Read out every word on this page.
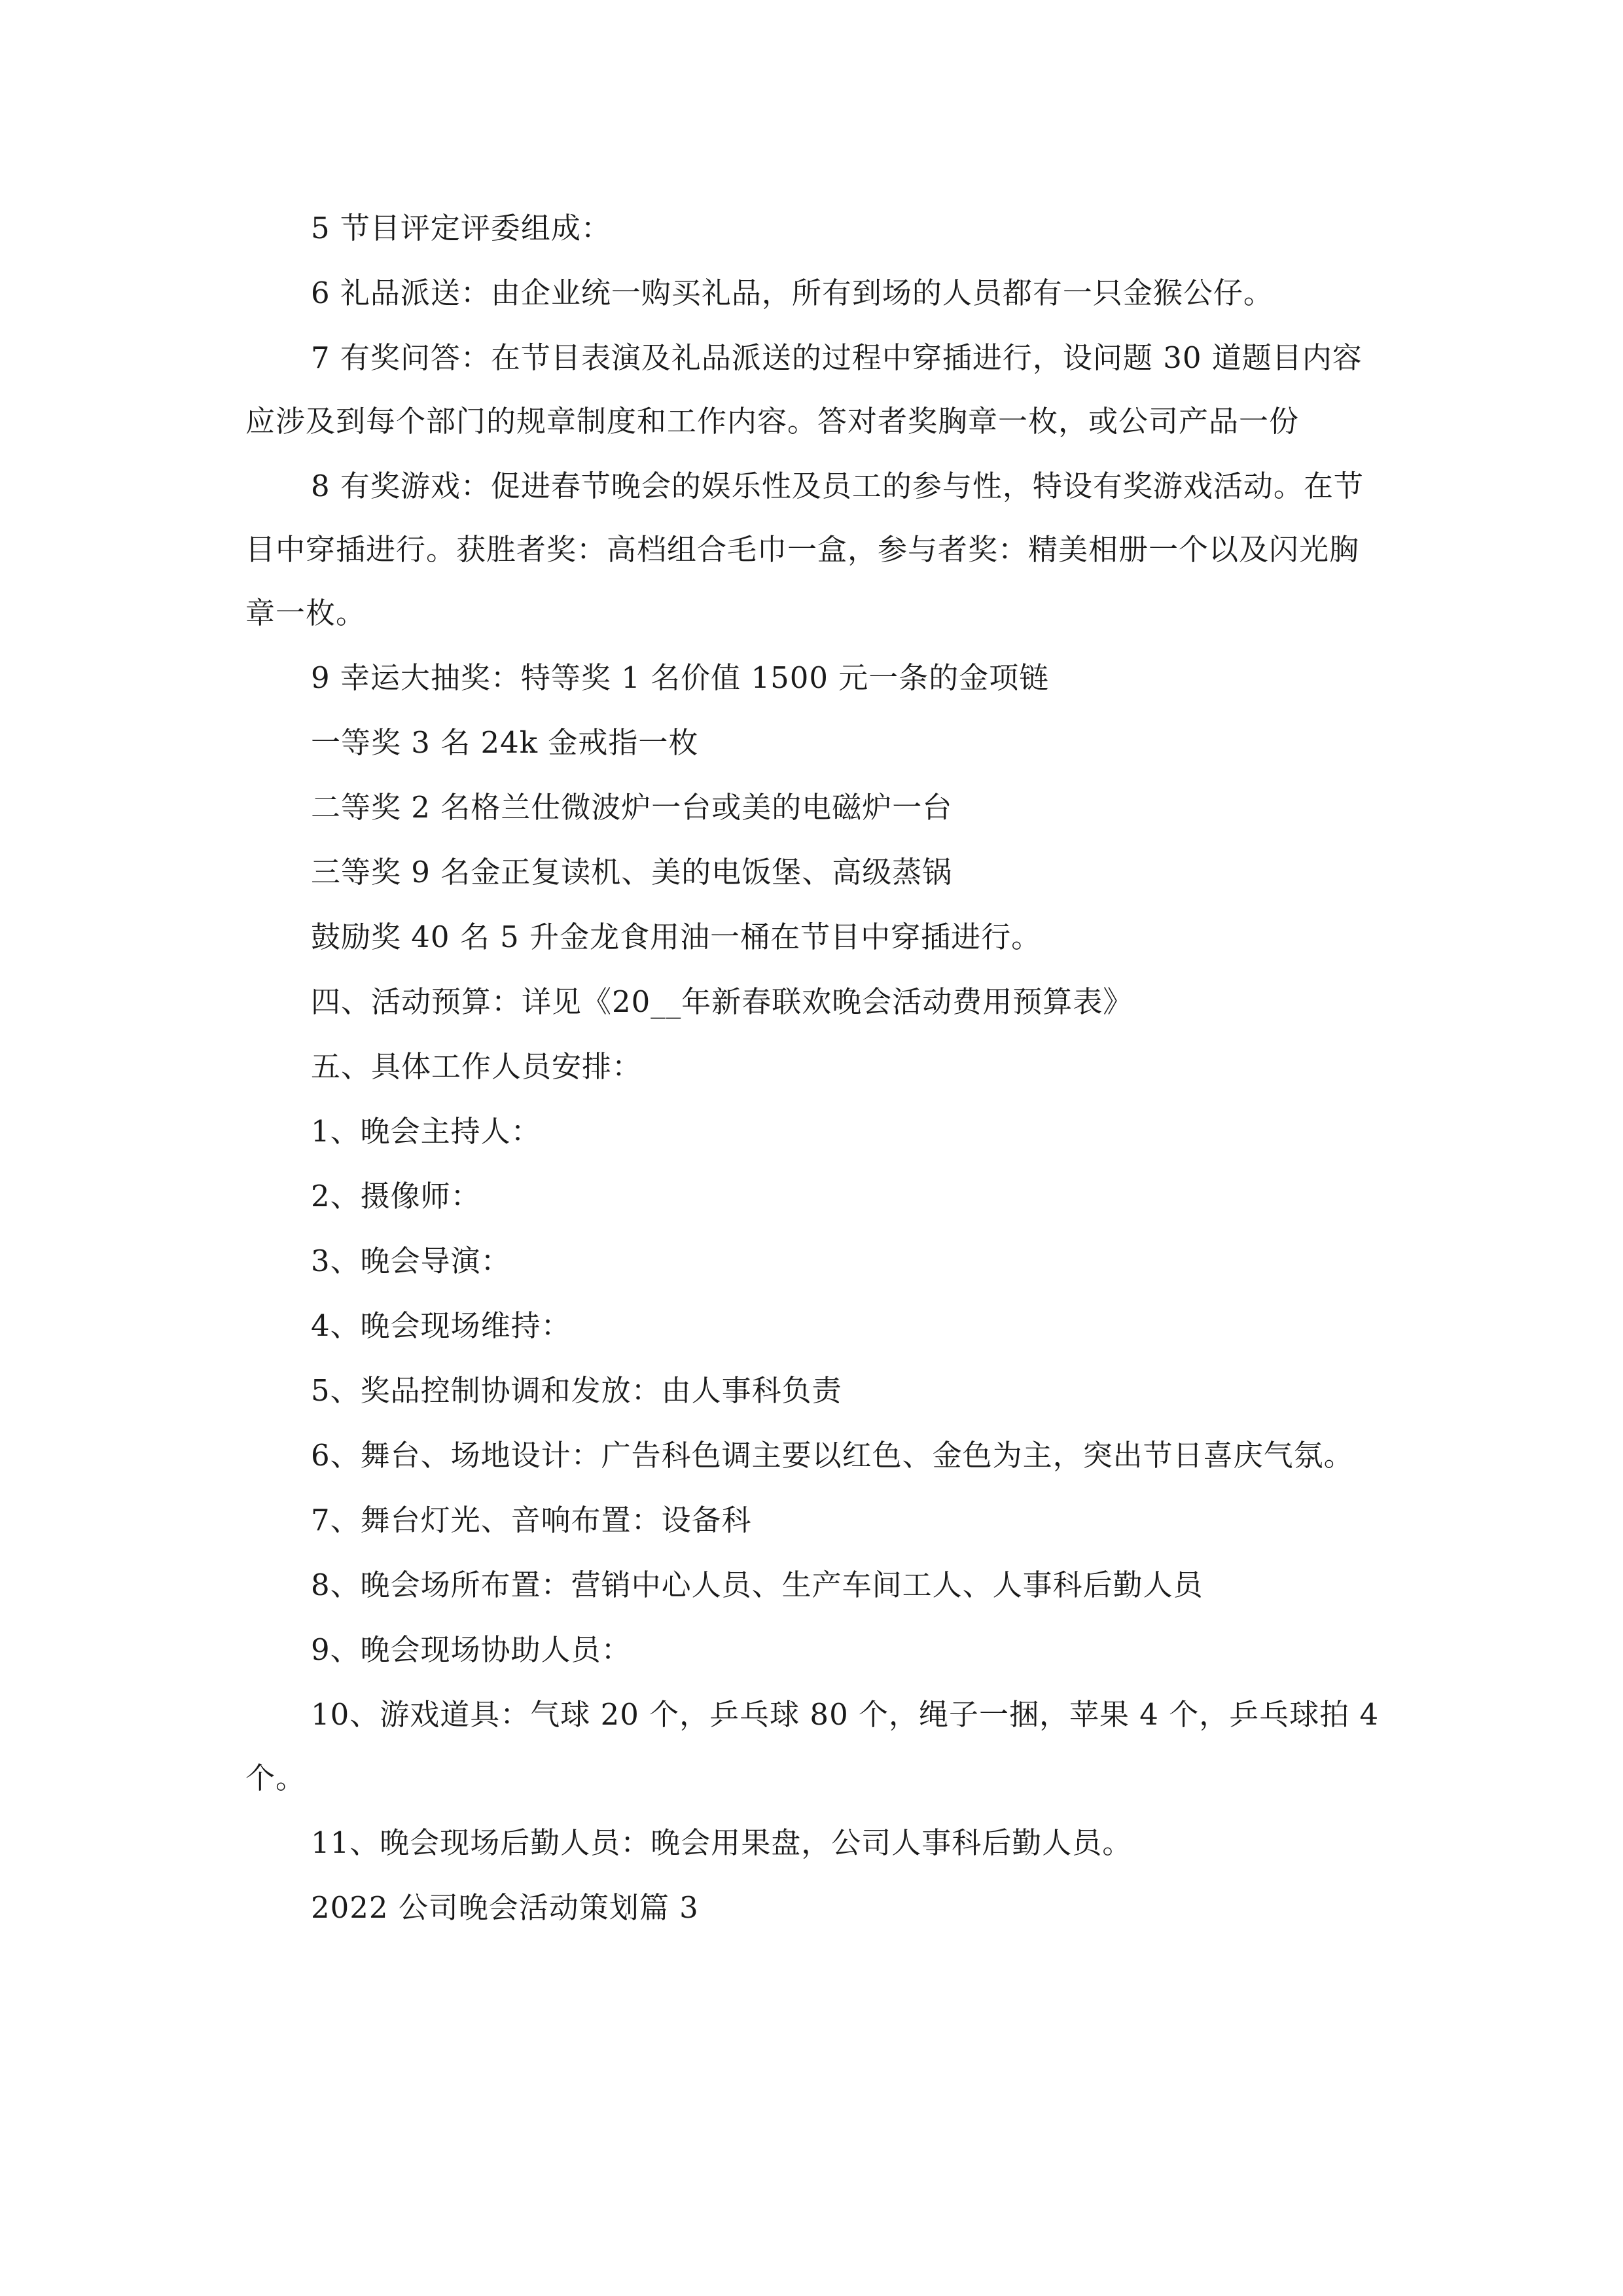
5 节目评定评委组成：

6 礼品派送：由企业统一购买礼品，所有到场的人员都有一只金猴公仔。

7 有奖问答：在节目表演及礼品派送的过程中穿插进行，设问题 30 道题目内容应涉及到每个部门的规章制度和工作内容。答对者奖胸章一枚，或公司产品一份

8 有奖游戏：促进春节晚会的娱乐性及员工的参与性，特设有奖游戏活动。在节目中穿插进行。获胜者奖：高档组合毛巾一盒，参与者奖：精美相册一个以及闪光胸章一枚。

9 幸运大抽奖：特等奖 1 名价值 1500 元一条的金项链

一等奖 3 名 24k 金戒指一枚

二等奖 2 名格兰仕微波炉一台或美的电磁炉一台

三等奖 9 名金正复读机、美的电饭堡、高级蒸锅

鼓励奖 40 名 5 升金龙食用油一桶在节目中穿插进行。

四、活动预算：详见《20__年新春联欢晚会活动费用预算表》

五、具体工作人员安排：

1、晚会主持人：

2、摄像师：

3、晚会导演：

4、晚会现场维持：

5、奖品控制协调和发放：由人事科负责

6、舞台、场地设计：广告科色调主要以红色、金色为主，突出节日喜庆气氛。

7、舞台灯光、音响布置：设备科

8、晚会场所布置：营销中心人员、生产车间工人、人事科后勤人员

9、晚会现场协助人员：

10、游戏道具：气球 20 个，乒乓球 80 个，绳子一捆，苹果 4 个，乒乓球拍 4 个。

11、晚会现场后勤人员：晚会用果盘，公司人事科后勤人员。

2022 公司晚会活动策划篇 3
